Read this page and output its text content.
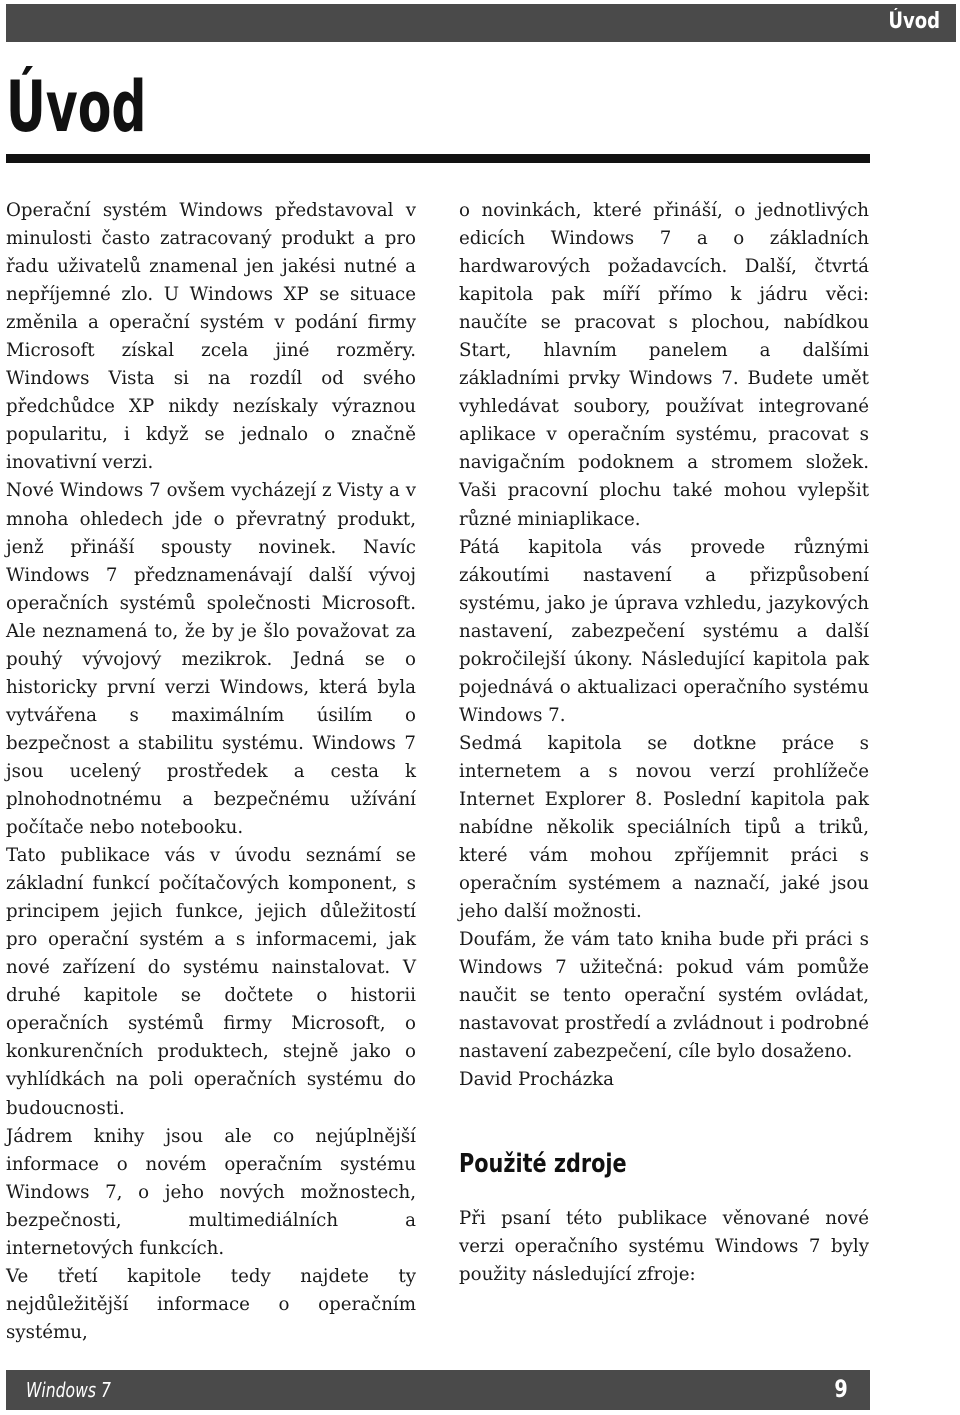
Úvod
Úvod

Operační systém Windows představoval v minulosti často zatracovaný produkt a pro řadu uživatelů znamenal jen jakési nutné a nepříjemné zlo. U Windows XP se situace změnila a operační systém v podání firmy Microsoft získal zcela jiné rozměry. Windows Vista si na rozdíl od svého předchůdce XP nikdy nezískaly výraznou popularitu, i když se jednalo o značně inovativní verzi.

Nové Windows 7 ovšem vycházejí z Visty a v mnoha ohledech jde o převratný produkt, jenž přináší spousty novinek. Navíc Windows 7 předznamenávají další vývoj operačních systémů společnosti Microsoft. Ale neznamená to, že by je šlo považovat za pouhý vývojový mezikrok. Jedná se o historicky první verzi Windows, která byla vytvářena s maximálním úsilím o bezpečnost a stabilitu systému. Windows 7 jsou ucelený prostředek a cesta k plnohodnotnému a bezpečnému užívání počítače nebo notebooku.

Tato publikace vás v úvodu seznámí se základní funkcí počítačových komponent, s principem jejich funkce, jejich důležitostí pro operační systém a s informacemi, jak nové zařízení do systému nainstalovat. V druhé kapitole se dočtete o historii operačních systémů firmy Microsoft, o konkurenčních produktech, stejně jako o vyhlídkách na poli operačních systému do budoucnosti.

Jádrem knihy jsou ale co nejúplnější informace o novém operačním systému Windows 7, o jeho nových možnostech, bezpečnosti, multimediálních a internetových funkcích.

Ve třetí kapitole tedy najdete ty nejdůležitější informace o operačním systému,

o novinkách, které přináší, o jednotlivých edicích Windows 7 a o základních hardwarových požadavcích. Další, čtvrtá kapitola pak míří přímo k jádru věci: naučíte se pracovat s plochou, nabídkou Start, hlavním panelem a dalšími základními prvky Windows 7. Budete umět vyhledávat soubory, používat integrované aplikace v operačním systému, pracovat s navigačním podoknem a stromem složek. Vaši pracovní plochu také mohou vylepšit různé miniaplikace.

Pátá kapitola vás provede různými zákoutími nastavení a přizpůsobení systému, jako je úprava vzhledu, jazykových nastavení, zabezpečení systému a další pokročilejší úkony. Následující kapitola pak pojednává o aktualizaci operačního systému Windows 7.

Sedmá kapitola se dotkne práce s internetem a s novou verzí prohlížeče Internet Explorer 8. Poslední kapitola pak nabídne několik speciálních tipů a triků, které vám mohou zpříjemnit práci s operačním systémem a naznačí, jaké jsou jeho další možnosti.

Doufám, že vám tato kniha bude při práci s Windows 7 užitečná: pokud vám pomůže naučit se tento operační systém ovládat, nastavovat prostředí a zvládnout i podrobné nastavení zabezpečení, cíle bylo dosaženo.

David Procházka

Použité zdroje

Při psaní této publikace věnované nové verzi operačního systému Windows 7 byly použity následující zfroje:

Windows 7	9
